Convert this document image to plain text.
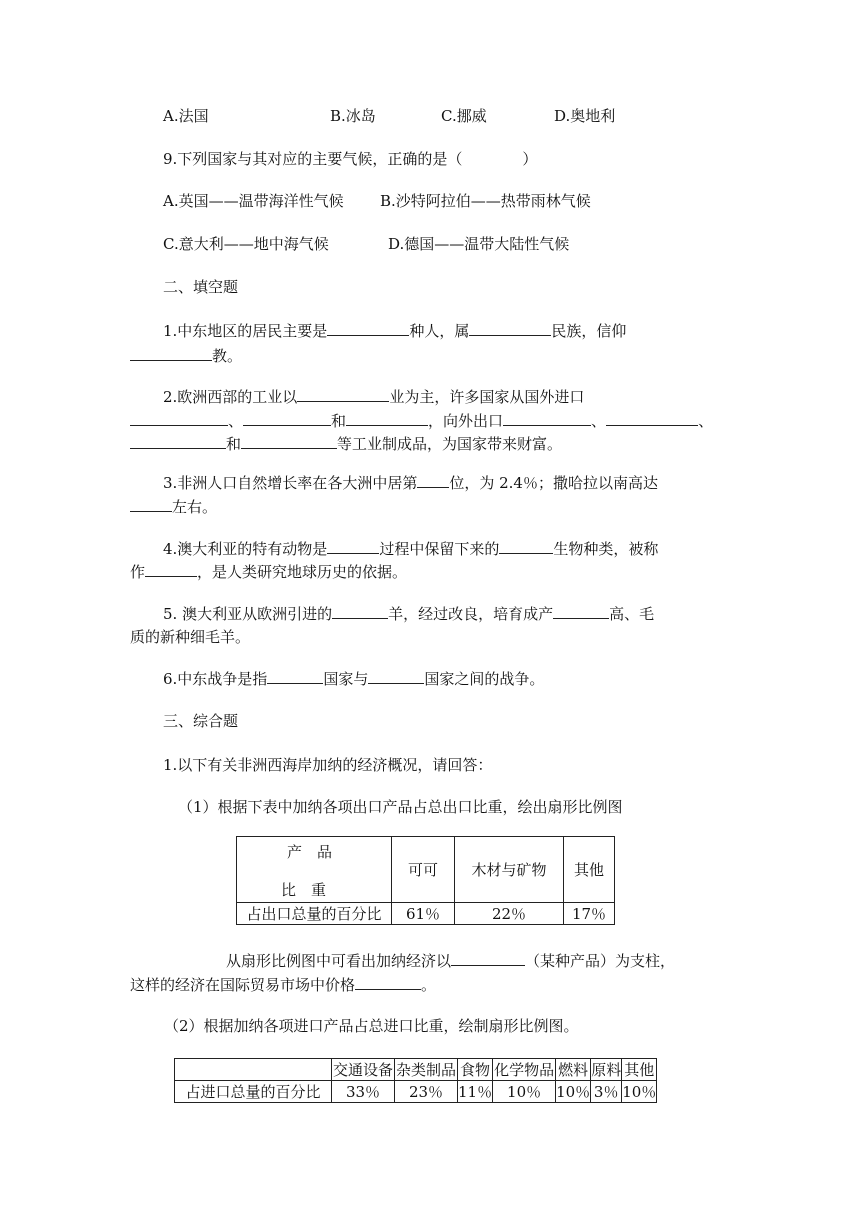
A.法国	B.冰岛	C.挪威	D.奥地利
9.下列国家与其对应的主要气候，正确的是（　　　　）
A.英国——温带海洋性气候 B.沙特阿拉伯——热带雨林气候
C.意大利——地中海气候	D.德国——温带大陆性气候
二、填空题
1.中东地区的居民主要是	种人，属	民族，信仰
教。
2.欧洲西部的工业以	业为主，许多国家从国外进口
、	和	，向外出口	、	、
和	等工业制成品，为国家带来财富。
3.非洲人口自然增长率在各大洲中居第 位，为 2.4％；撒哈拉以南高达
左右。
4.澳大利亚的特有动物是	过程中保留下来的	生物种类，被称
作	，是人类研究地球历史的依据。
5. 澳大利亚从欧洲引进的	羊，经过改良，培育成产	高、毛
质的新种细毛羊。
6.中东战争是指	国家与	国家之间的战争。
三、综合题
1.以下有关非洲西海岸加纳的经济概况，请回答：
（1）根据下表中加纳各项出口产品占总出口比重，绘出扇形比例图
产　品
比　重	可可	木材与矿物	其他
占出口总量的百分比	61％	22％	17％
从扇形比例图中可看出加纳经济以	（某种产品）为支柱，
这样的经济在国际贸易市场中价格	。
（2）根据加纳各项进口产品占总进口比重，绘制扇形比例图。
	交通设备	杂类制品	食物	化学物品	燃料	原料	其他
占进口总量的百分比	33％	23％	11％	10％	10％	3％	10％
